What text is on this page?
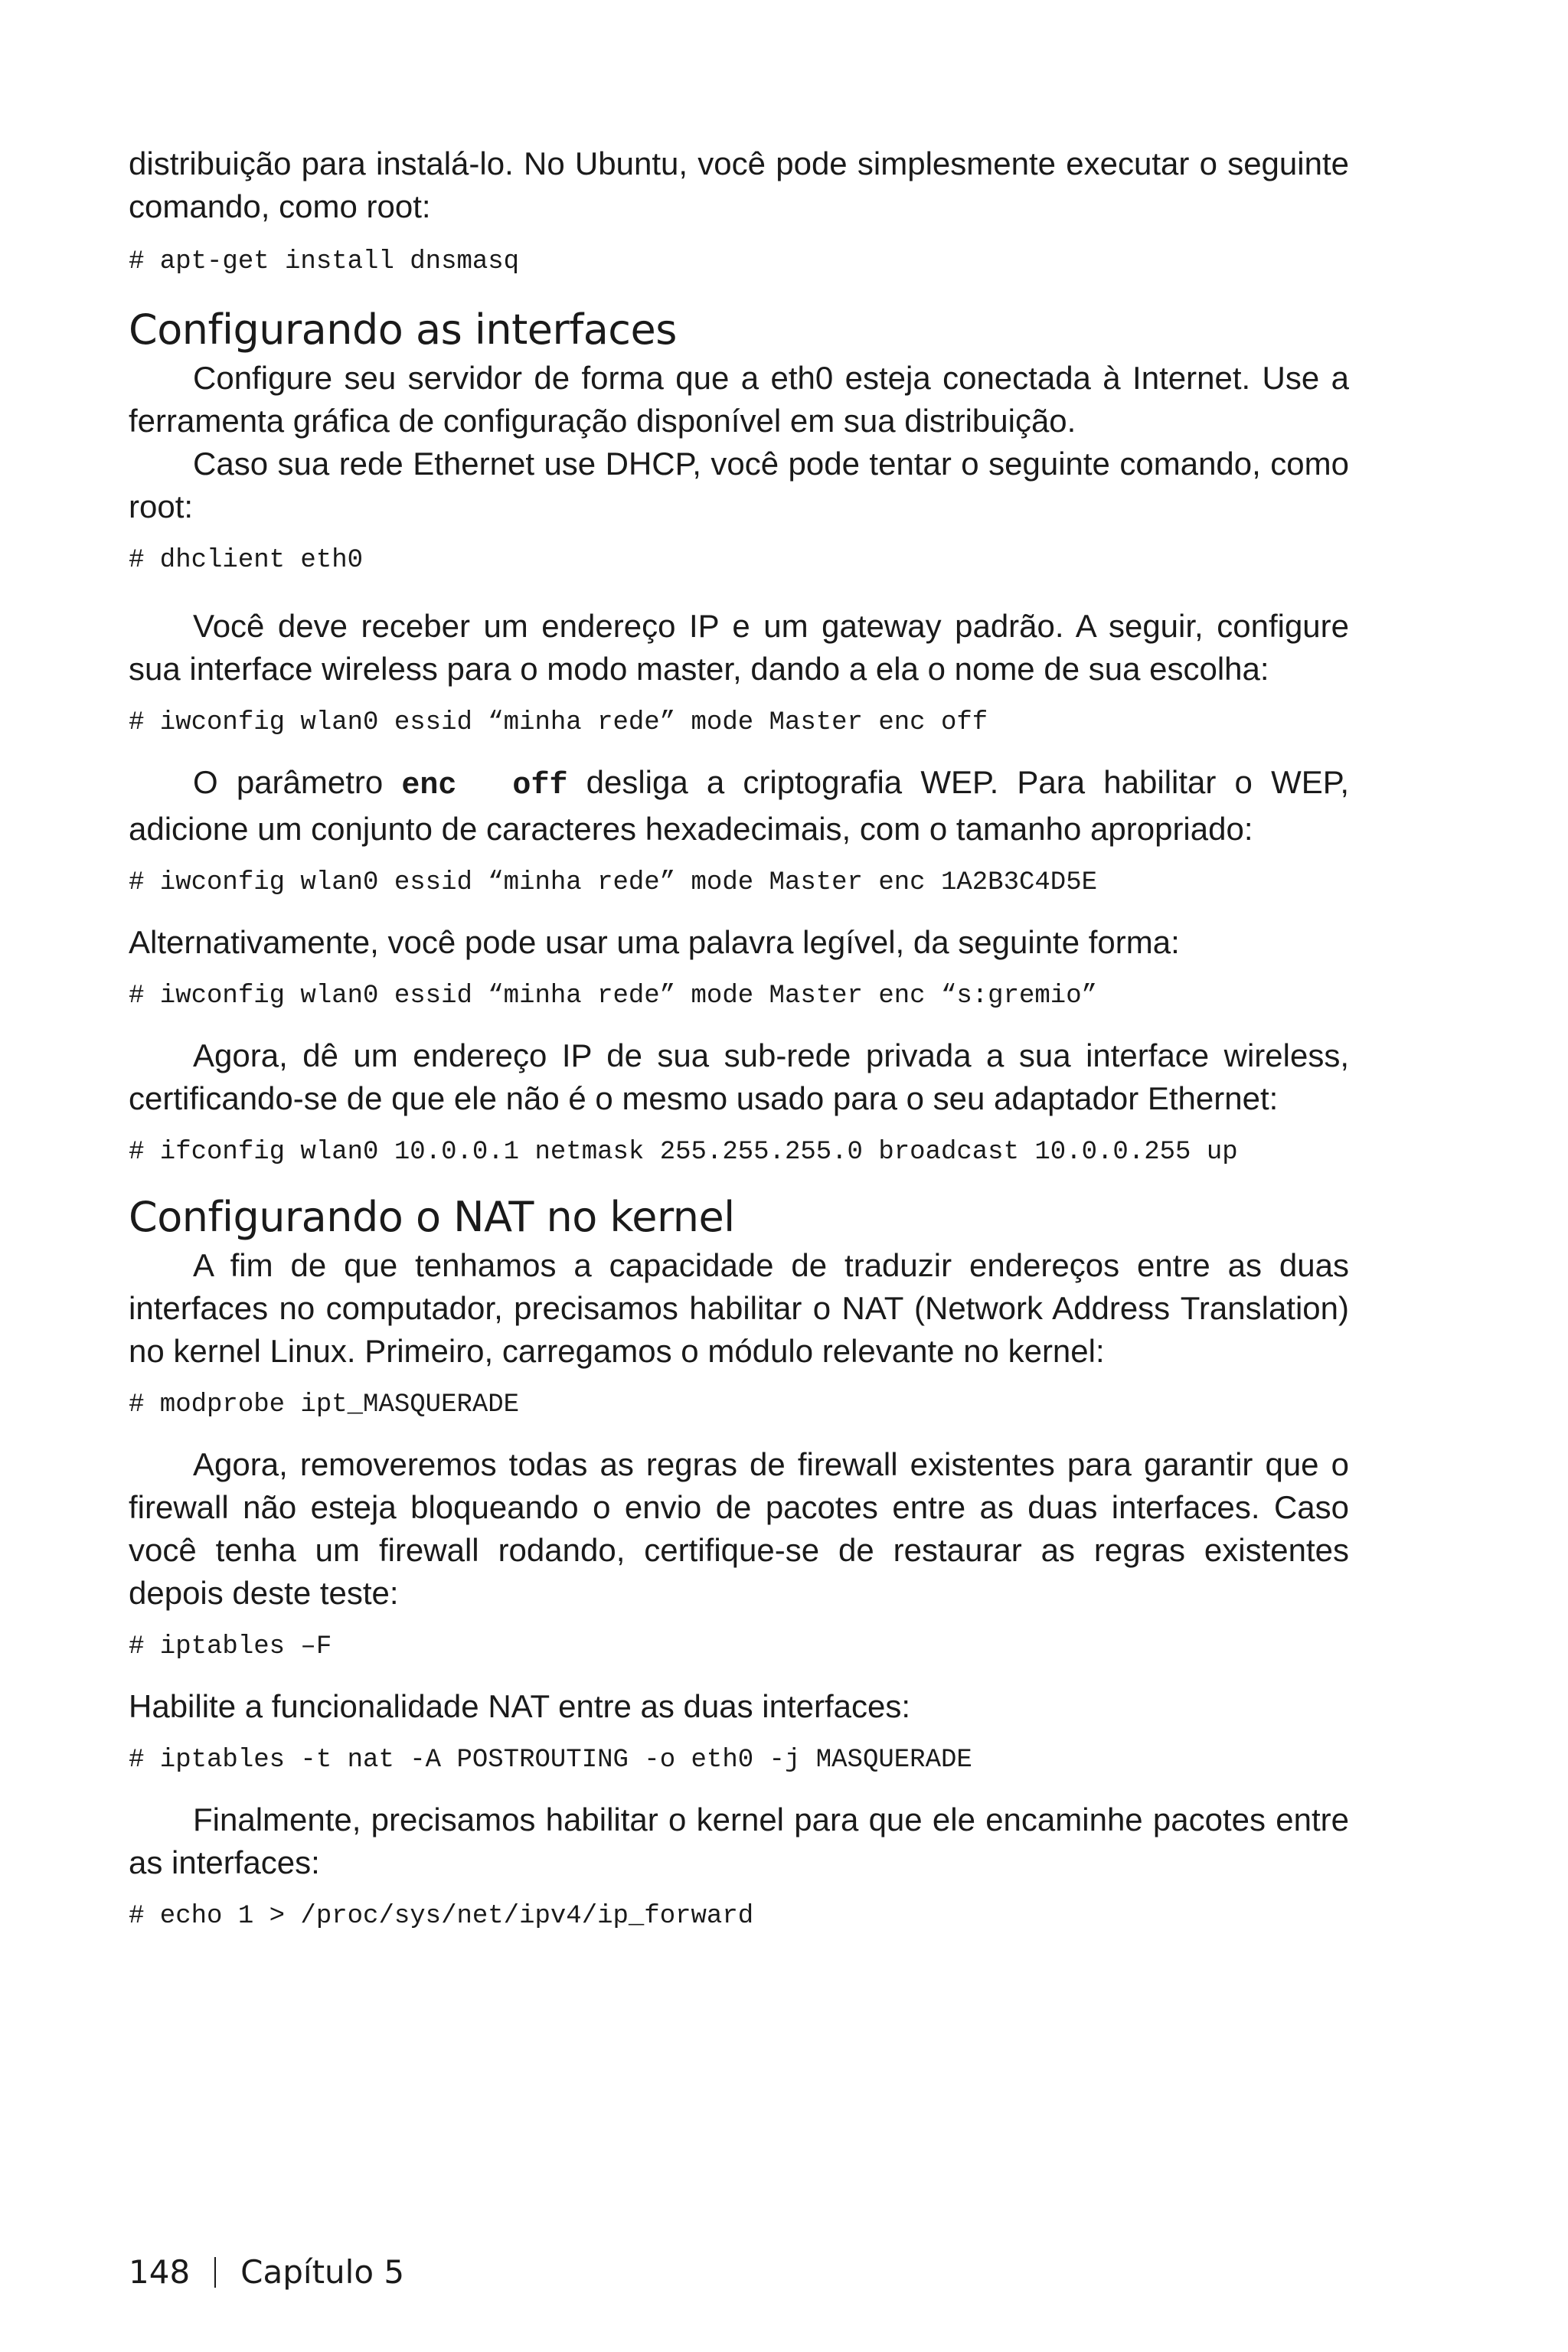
distribuição para instalá-lo. No Ubuntu, você pode simplesmente executar o seguinte comando, como root:

# apt-get install dnsmasq
Configurando as interfaces

Configure seu servidor de forma que a eth0 esteja conectada à Internet. Use a ferramenta gráfica de configuração disponível em sua distribuição.

Caso sua rede Ethernet use DHCP, você pode tentar o seguinte comando, como root:

# dhclient eth0

Você deve receber um endereço IP e um gateway padrão. A seguir, configure sua interface wireless para o modo master, dando a ela o nome de sua escolha:

# iwconfig wlan0 essid “minha rede” mode Master enc off

O parâmetro enc  off desliga a criptografia WEP. Para habilitar o WEP, adicione um conjunto de caracteres hexadecimais, com o tamanho apropriado:

# iwconfig wlan0 essid “minha rede” mode Master enc 1A2B3C4D5E

Alternativamente, você pode usar uma palavra legível, da seguinte forma:

# iwconfig wlan0 essid “minha rede” mode Master enc “s:gremio”

Agora, dê um endereço IP de sua sub-rede privada a sua interface wireless, certificando-se de que ele não é o mesmo usado para o seu adaptador Ethernet:

# ifconfig wlan0 10.0.0.1 netmask 255.255.255.0 broadcast 10.0.0.255 up
Configurando o NAT no kernel

A fim de que tenhamos a capacidade de traduzir endereços entre as duas interfaces no computador, precisamos habilitar o NAT (Network Address Translation) no kernel Linux. Primeiro, carregamos o módulo relevante no kernel:

# modprobe ipt_MASQUERADE

Agora, removeremos todas as regras de firewall existentes para garantir que o firewall não esteja bloqueando o envio de pacotes entre as duas interfaces. Caso você tenha um firewall rodando, certifique-se de restaurar as regras existentes depois deste teste:

# iptables –F

Habilite a funcionalidade NAT entre as duas interfaces:

# iptables -t nat -A POSTROUTING -o eth0 -j MASQUERADE

Finalmente, precisamos habilitar o kernel para que ele encaminhe pacotes entre as interfaces:

# echo 1 > /proc/sys/net/ipv4/ip_forward
148 Capítulo 5
